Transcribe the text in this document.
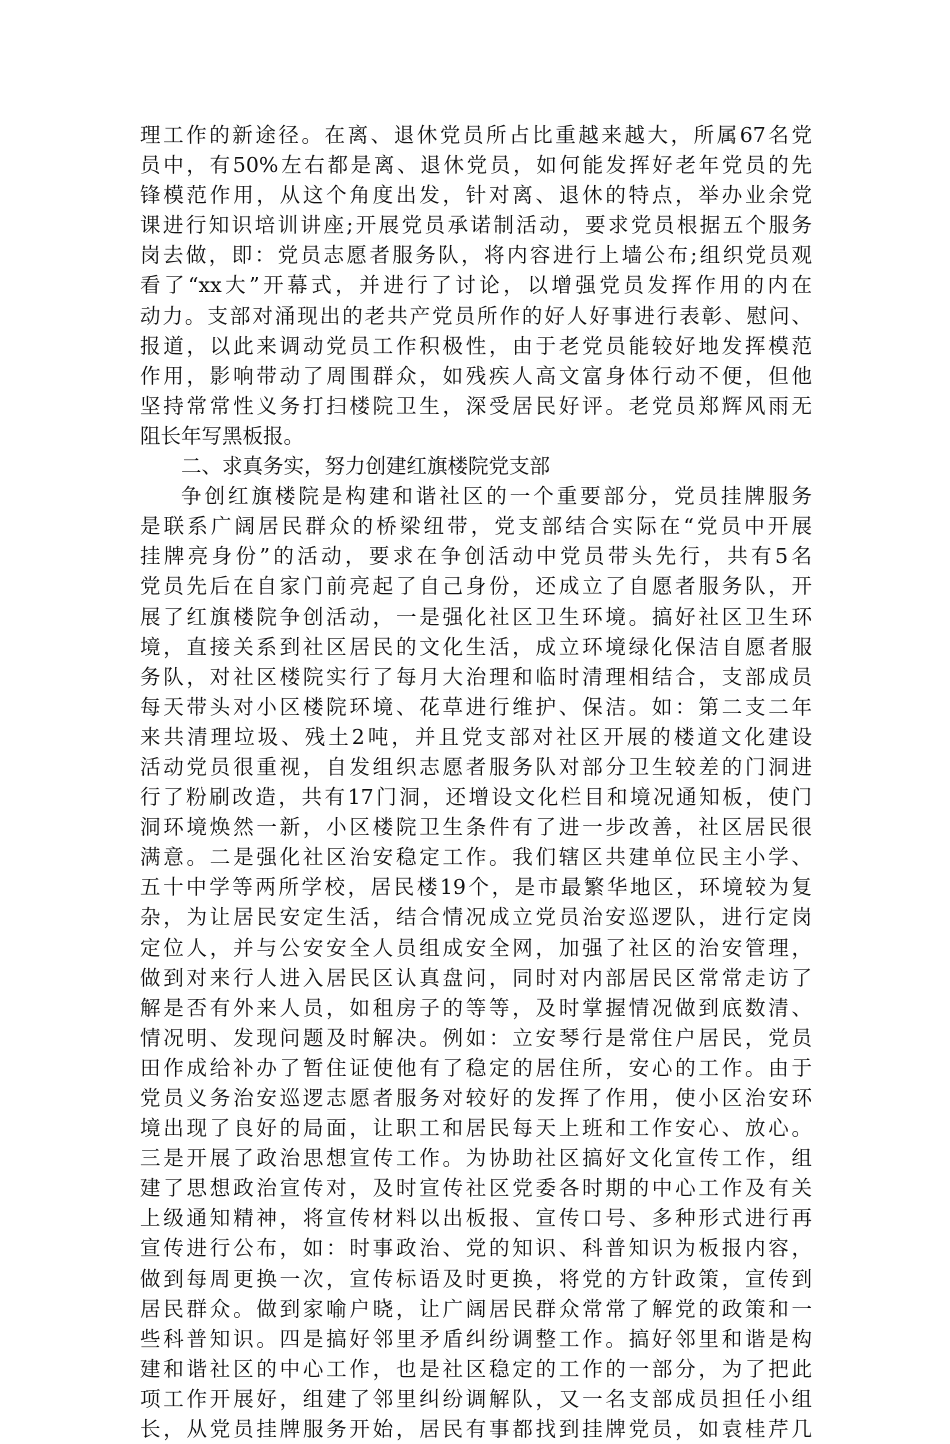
理工作的新途径。在离、退休党员所占比重越来越大，所属67名党
员中，有50%左右都是离、退休党员，如何能发挥好老年党员的先
锋模范作用，从这个角度出发，针对离、退休的特点，举办业余党
课进行知识培训讲座;开展党员承诺制活动，要求党员根据五个服务
岗去做，即：党员志愿者服务队，将内容进行上墙公布;组织党员观
看了“xx大”开幕式，并进行了讨论，以增强党员发挥作用的内在
动力。支部对涌现出的老共产党员所作的好人好事进行表彰、慰问、
报道，以此来调动党员工作积极性，由于老党员能较好地发挥模范
作用，影响带动了周围群众，如残疾人高文富身体行动不便，但他
坚持常常性义务打扫楼院卫生，深受居民好评。老党员郑辉风雨无
阻长年写黑板报。
二、求真务实，努力创建红旗楼院党支部
争创红旗楼院是构建和谐社区的一个重要部分，党员挂牌服务
是联系广阔居民群众的桥梁纽带，党支部结合实际在“党员中开展
挂牌亮身份”的活动，要求在争创活动中党员带头先行，共有5名
党员先后在自家门前亮起了自己身份，还成立了自愿者服务队，开
展了红旗楼院争创活动，一是强化社区卫生环境。搞好社区卫生环
境，直接关系到社区居民的文化生活，成立环境绿化保洁自愿者服
务队，对社区楼院实行了每月大治理和临时清理相结合，支部成员
每天带头对小区楼院环境、花草进行维护、保洁。如：第二支二年
来共清理垃圾、残土2吨，并且党支部对社区开展的楼道文化建设
活动党员很重视，自发组织志愿者服务队对部分卫生较差的门洞进
行了粉刷改造，共有17门洞，还增设文化栏目和境况通知板，使门
洞环境焕然一新，小区楼院卫生条件有了进一步改善，社区居民很
满意。二是强化社区治安稳定工作。我们辖区共建单位民主小学、
五十中学等两所学校，居民楼19个，是市最繁华地区，环境较为复
杂，为让居民安定生活，结合情况成立党员治安巡逻队，进行定岗
定位人，并与公安安全人员组成安全网，加强了社区的治安管理，
做到对来行人进入居民区认真盘问，同时对内部居民区常常走访了
解是否有外来人员，如租房子的等等，及时掌握情况做到底数清、
情况明、发现问题及时解决。例如：立安琴行是常住户居民，党员
田作成给补办了暂住证使他有了稳定的居住所，安心的工作。由于
党员义务治安巡逻志愿者服务对较好的发挥了作用，使小区治安环
境出现了良好的局面，让职工和居民每天上班和工作安心、放心。
三是开展了政治思想宣传工作。为协助社区搞好文化宣传工作，组
建了思想政治宣传对，及时宣传社区党委各时期的中心工作及有关
上级通知精神，将宣传材料以出板报、宣传口号、多种形式进行再
宣传进行公布，如：时事政治、党的知识、科普知识为板报内容，
做到每周更换一次，宣传标语及时更换，将党的方针政策，宣传到
居民群众。做到家喻户晓，让广阔居民群众常常了解党的政策和一
些科普知识。四是搞好邻里矛盾纠纷调整工作。搞好邻里和谐是构
建和谐社区的中心工作，也是社区稳定的工作的一部分，为了把此
项工作开展好，组建了邻里纠纷调解队，又一名支部成员担任小组
长，从党员挂牌服务开始，居民有事都找到挂牌党员，如袁桂芹几
